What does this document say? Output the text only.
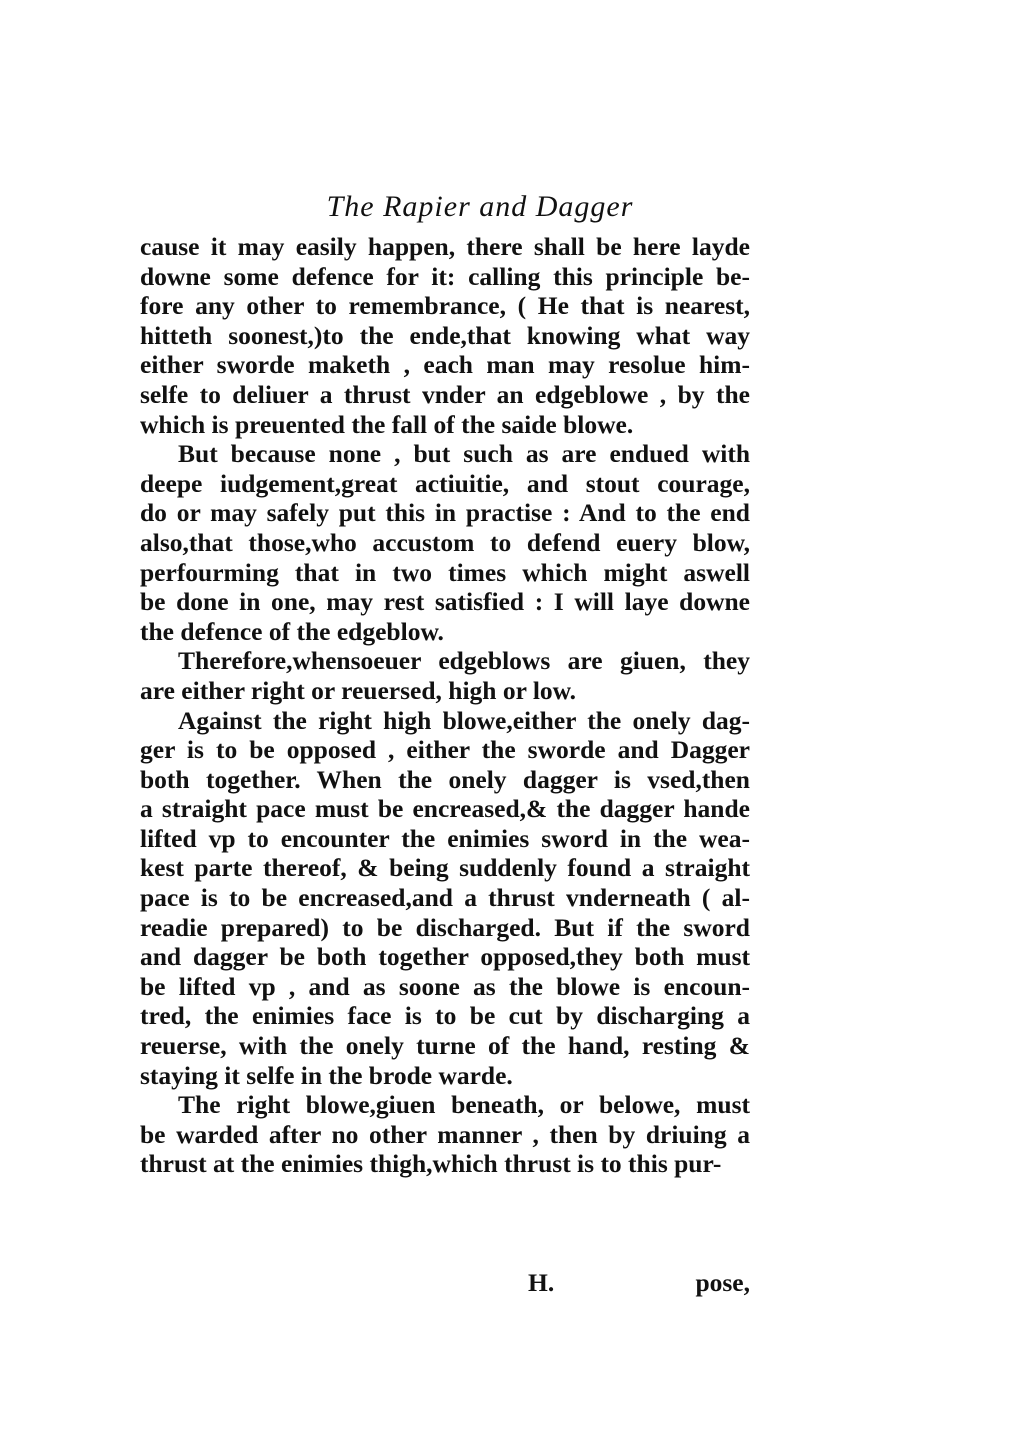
The Rapier and Dagger
cause it may easily happen, there shall be here layde
downe some defence for it: calling this principle be-
fore any other to remembrance, ( He that is nearest,
hitteth soonest,)to the ende,that knowing what way
either sworde maketh , each man may resolue him-
selfe to deliuer a thrust vnder an edgeblowe , by the
which is preuented the fall of the saide blowe.
But because none , but such as are endued with
deepe iudgement,great actiuitie, and stout courage,
do or may safely put this in practise : And to the end
also,that those,who accustom to defend euery blow,
perfourming that in two times which might aswell
be done in one, may rest satisfied : I will laye downe
the defence of the edgeblow.
Therefore,whensoeuer edgeblows are giuen, they
are either right or reuersed, high or low.
Against the right high blowe,either the onely dag-
ger is to be opposed , either the sworde and Dagger
both together. When the onely dagger is vsed,then
a straight pace must be encreased,& the dagger hande
lifted vp to encounter the enimies sword in the wea-
kest parte thereof, & being suddenly found a straight
pace is to be encreased,and a thrust vnderneath ( al-
readie prepared) to be discharged. But if the sword
and dagger be both together opposed,they both must
be lifted vp , and as soone as the blowe is encoun-
tred, the enimies face is to be cut by discharging a
reuerse, with the onely turne of the hand, resting &
staying it selfe in the brode warde.
The right blowe,giuen beneath, or belowe, must
be warded after no other manner , then by driuing a
thrust at the enimies thigh,which thrust is to this pur-
H.	pose,
